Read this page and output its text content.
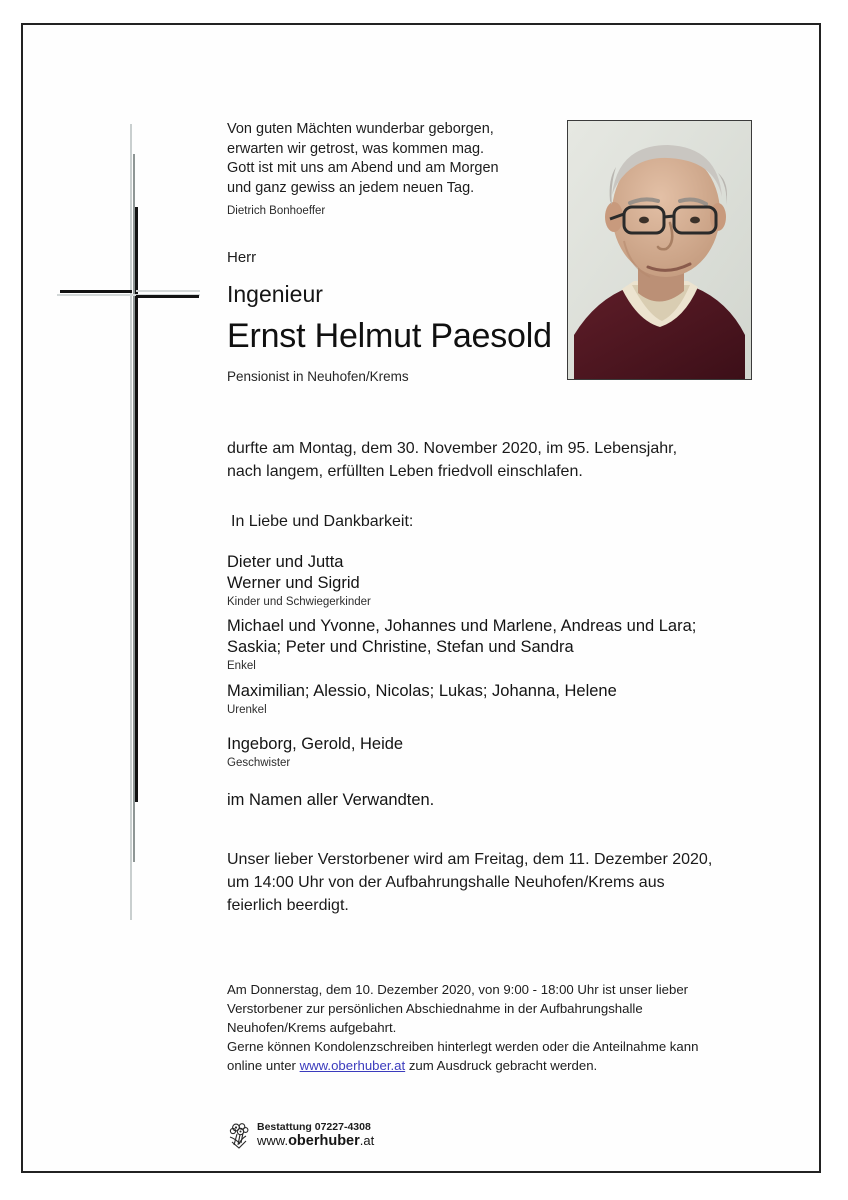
Von guten Mächten wunderbar geborgen,
erwarten wir getrost, was kommen mag.
Gott ist mit uns am Abend und am Morgen
und ganz gewiss an jedem neuen Tag.
Dietrich Bonhoeffer
Herr
Ingenieur
Ernst Helmut Paesold
Pensionist in Neuhofen/Krems
durfte am Montag, dem 30. November 2020, im 95. Lebensjahr,
nach langem, erfüllten Leben friedvoll einschlafen.
In Liebe und Dankbarkeit:
Dieter und Jutta
Werner und Sigrid
Kinder und Schwiegerkinder
Michael und Yvonne, Johannes und Marlene, Andreas und Lara;
Saskia; Peter und Christine, Stefan und Sandra
Enkel
Maximilian; Alessio, Nicolas; Lukas; Johanna, Helene
Urenkel
Ingeborg, Gerold, Heide
Geschwister
im Namen aller Verwandten.
Unser lieber Verstorbener wird am Freitag, dem 11. Dezember 2020,
um 14:00 Uhr von der Aufbahrungshalle Neuhofen/Krems aus
feierlich beerdigt.
Am Donnerstag, dem 10. Dezember 2020, von 9:00 - 18:00 Uhr ist unser lieber Verstorbener zur persönlichen Abschiednahme in der Aufbahrungshalle Neuhofen/Krems aufgebahrt.
Gerne können Kondolenzschreiben hinterlegt werden oder die Anteilnahme kann online unter www.oberhuber.at zum Ausdruck gebracht werden.
Bestattung 07227-4308
www.oberhuber.at
